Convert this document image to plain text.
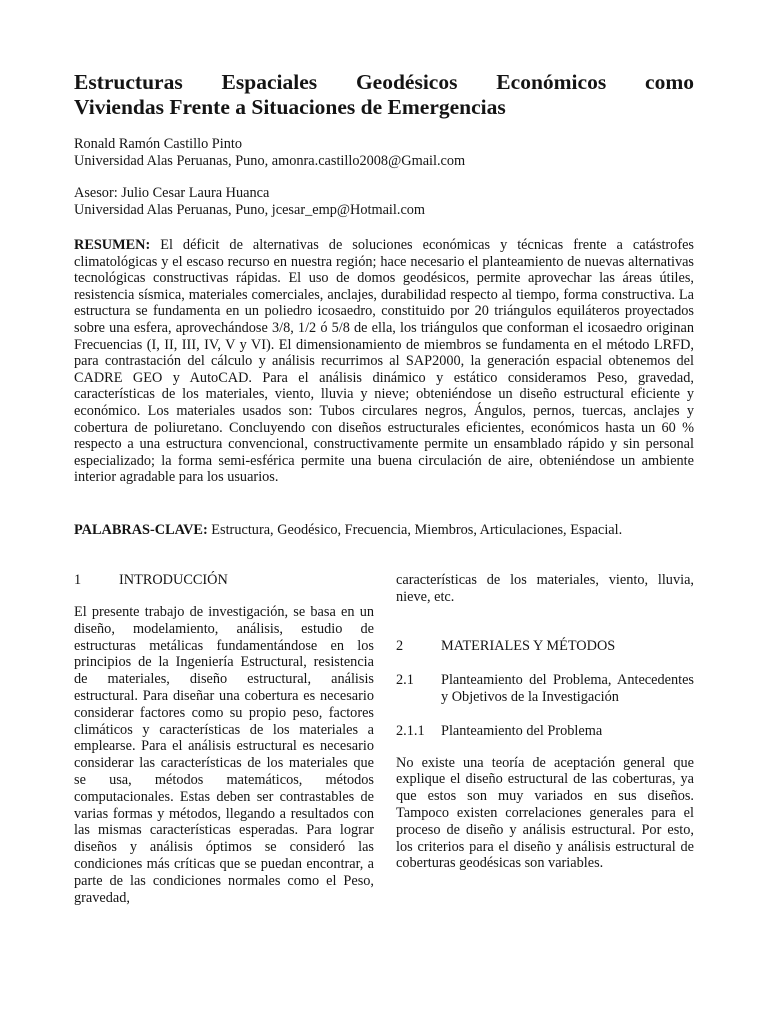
Estructuras Espaciales Geodésicos Económicos como
Viviendas Frente a Situaciones de Emergencias
Ronald Ramón Castillo Pinto
Universidad Alas Peruanas, Puno, amonra.castillo2008@Gmail.com
Asesor: Julio Cesar Laura Huanca
Universidad Alas Peruanas, Puno, jcesar_emp@Hotmail.com

RESUMEN: El déficit de alternativas de soluciones económicas y técnicas frente a catástrofes climatológicas y el escaso recurso en nuestra región; hace necesario el planteamiento de nuevas alternativas tecnológicas constructivas rápidas. El uso de domos geodésicos, permite aprovechar las áreas útiles, resistencia sísmica, materiales comerciales, anclajes, durabilidad respecto al tiempo, forma constructiva. La estructura se fundamenta en un poliedro icosaedro, constituido por 20 triángulos equiláteros proyectados sobre una esfera, aprovechándose 3/8, 1/2 ó 5/8 de ella, los triángulos que conforman el icosaedro originan Frecuencias (I, II, III, IV, V y VI). El dimensionamiento de miembros se fundamenta en el método LRFD, para contrastación del cálculo y análisis recurrimos al SAP2000, la generación espacial obtenemos del CADRE GEO y AutoCAD. Para el análisis dinámico y estático consideramos Peso, gravedad, características de los materiales, viento, lluvia y nieve; obteniéndose un diseño estructural eficiente y económico. Los materiales usados son: Tubos circulares negros, Ángulos, pernos, tuercas, anclajes y cobertura de poliuretano. Concluyendo con diseños estructurales eficientes, económicos hasta un 60 % respecto a una estructura convencional, constructivamente permite un ensamblado rápido y sin personal especializado; la forma semi-esférica permite una buena circulación de aire, obteniéndose un ambiente interior agradable para los usuarios.

PALABRAS-CLAVE: Estructura, Geodésico, Frecuencia, Miembros, Articulaciones, Espacial.

1	INTRODUCCIÓN

El presente trabajo de investigación, se basa en un diseño, modelamiento, análisis, estudio de estructuras metálicas fundamentándose en los principios de la Ingeniería Estructural, resistencia de materiales, diseño estructural, análisis estructural. Para diseñar una cobertura es necesario considerar factores como su propio peso, factores climáticos y características de los materiales a emplearse. Para el análisis estructural es necesario considerar las características de los materiales que se usa, métodos matemáticos, métodos computacionales. Estas deben ser contrastables de varias formas y métodos, llegando a resultados con las mismas características esperadas. Para lograr diseños y análisis óptimos se consideró las condiciones más críticas que se puedan encontrar, a parte de las condiciones normales como el Peso, gravedad,

características de los materiales, viento, lluvia, nieve, etc.

2	MATERIALES Y MÉTODOS
2.1	Planteamiento del Problema, Antecedentes y Objetivos de la Investigación
2.1.1	Planteamiento del Problema

No existe una teoría de aceptación general que explique el diseño estructural de las coberturas, ya que estos son muy variados en sus diseños. Tampoco existen correlaciones generales para el proceso de diseño y análisis estructural. Por esto, los criterios para el diseño y análisis estructural de coberturas geodésicas son variables.
